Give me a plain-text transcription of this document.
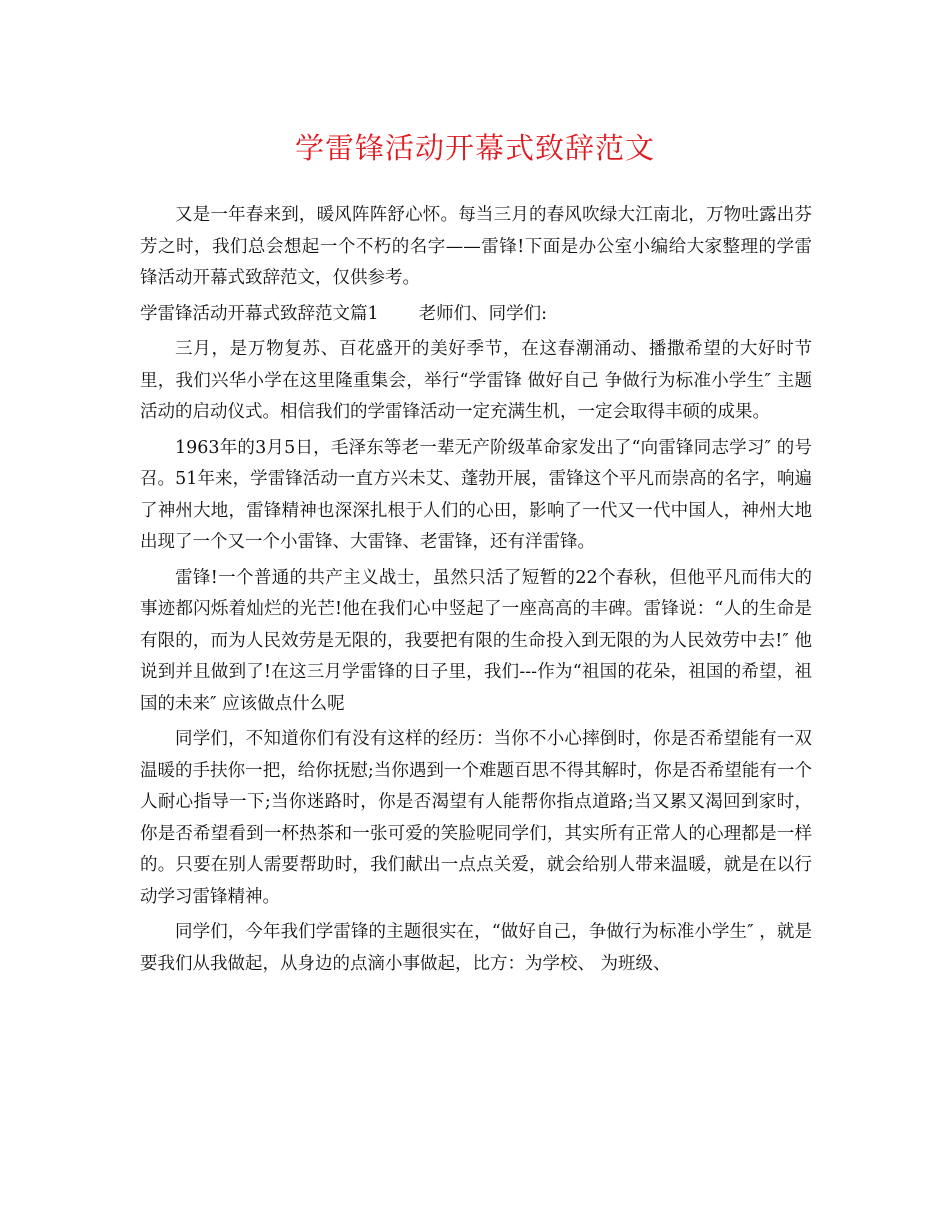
学雷锋活动开幕式致辞范文

又是一年春来到，暖风阵阵舒心怀。每当三月的春风吹绿大江南北，万物吐露出芬芳之时，我们总会想起一个不朽的名字——雷锋!下面是办公室小编给大家整理的学雷锋活动开幕式致辞范文，仅供参考。

学雷锋活动开幕式致辞范文篇1 老师们、同学们:

三月，是万物复苏、百花盛开的美好季节，在这春潮涌动、播撒希望的大好时节里，我们兴华小学在这里隆重集会，举行“学雷锋 做好自己 争做行为标准小学生″ 主题活动的启动仪式。相信我们的学雷锋活动一定充满生机，一定会取得丰硕的成果。

1963年的3月5日，毛泽东等老一辈无产阶级革命家发出了“向雷锋同志学习″ 的号召。51年来，学雷锋活动一直方兴未艾、蓬勃开展，雷锋这个平凡而崇高的名字，响遍了神州大地，雷锋精神也深深扎根于人们的心田，影响了一代又一代中国人，神州大地出现了一个又一个小雷锋、大雷锋、老雷锋，还有洋雷锋。

雷锋!一个普通的共产主义战士，虽然只活了短暂的22个春秋，但他平凡而伟大的事迹都闪烁着灿烂的光芒!他在我们心中竖起了一座高高的丰碑。雷锋说：“人的生命是有限的，而为人民效劳是无限的，我要把有限的生命投入到无限的为人民效劳中去!″ 他说到并且做到了!在这三月学雷锋的日子里，我们---作为“祖国的花朵，祖国的希望，祖国的未来″ 应该做点什么呢

同学们，不知道你们有没有这样的经历：当你不小心摔倒时，你是否希望能有一双温暖的手扶你一把，给你抚慰;当你遇到一个难题百思不得其解时，你是否希望能有一个人耐心指导一下;当你迷路时，你是否渴望有人能帮你指点道路;当又累又渴回到家时，你是否希望看到一杯热茶和一张可爱的笑脸呢同学们，其实所有正常人的心理都是一样的。只要在别人需要帮助时，我们献出一点点关爱，就会给别人带来温暖，就是在以行动学习雷锋精神。

同学们，今年我们学雷锋的主题很实在，“做好自己，争做行为标准小学生″ ，就是要我们从我做起，从身边的点滴小事做起，比方：为学校、 为班级、
